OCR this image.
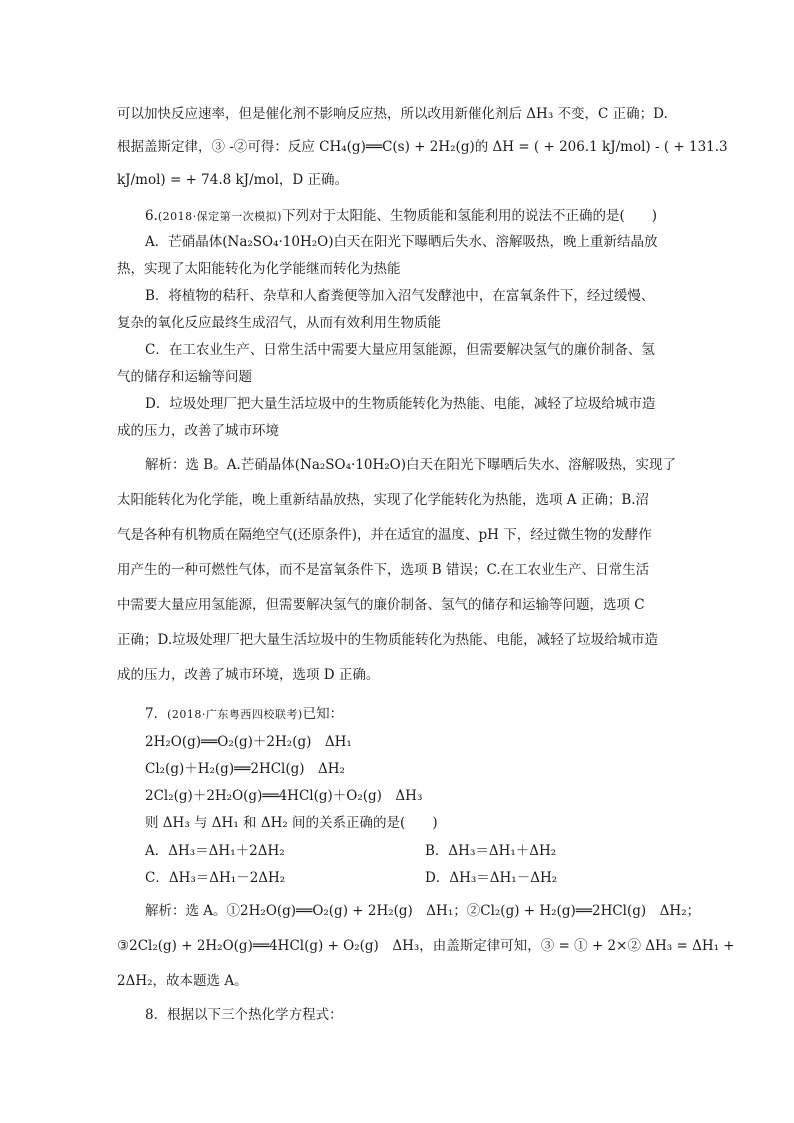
可以加快反应速率，但是催化剂不影响反应热，所以改用新催化剂后 ΔH₃ 不变，C 正确；D.
根据盖斯定律，③ -②可得：反应 CH₄(g)══C(s) + 2H₂(g)的 ΔH = ( + 206.1 kJ/mol) - ( + 131.3
kJ/mol) = + 74.8 kJ/mol，D 正确。
6.(2018·保定第一次模拟)下列对于太阳能、生物质能和氢能利用的说法不正确的是(　　)
A．芒硝晶体(Na₂SO₄·10H₂O)白天在阳光下曝晒后失水、溶解吸热，晚上重新结晶放
热，实现了太阳能转化为化学能继而转化为热能
B．将植物的秸秆、杂草和人畜粪便等加入沼气发酵池中，在富氧条件下，经过缓慢、
复杂的氧化反应最终生成沼气，从而有效利用生物质能
C．在工农业生产、日常生活中需要大量应用氢能源，但需要解决氢气的廉价制备、氢
气的储存和运输等问题
D．垃圾处理厂把大量生活垃圾中的生物质能转化为热能、电能，减轻了垃圾给城市造
成的压力，改善了城市环境
解析：选 B。A.芒硝晶体(Na₂SO₄·10H₂O)白天在阳光下曝晒后失水、溶解吸热，实现了
太阳能转化为化学能，晚上重新结晶放热，实现了化学能转化为热能，选项 A 正确；B.沼
气是各种有机物质在隔绝空气(还原条件)，并在适宜的温度、pH 下，经过微生物的发酵作
用产生的一种可燃性气体，而不是富氧条件下，选项 B 错误；C.在工农业生产、日常生活
中需要大量应用氢能源，但需要解决氢气的廉价制备、氢气的储存和运输等问题，选项 C
正确；D.垃圾处理厂把大量生活垃圾中的生物质能转化为热能、电能，减轻了垃圾给城市造
成的压力，改善了城市环境，选项 D 正确。
7．(2018·广东粤西四校联考)已知：
2H₂O(g)══O₂(g)＋2H₂(g)　ΔH₁
Cl₂(g)＋H₂(g)══2HCl(g)　ΔH₂
2Cl₂(g)＋2H₂O(g)══4HCl(g)＋O₂(g)　ΔH₃
则 ΔH₃ 与 ΔH₁ 和 ΔH₂ 间的关系正确的是(　　)
A．ΔH₃＝ΔH₁＋2ΔH₂	B．ΔH₃＝ΔH₁＋ΔH₂
C．ΔH₃＝ΔH₁－2ΔH₂	D．ΔH₃＝ΔH₁－ΔH₂
解析：选 A。①2H₂O(g)══O₂(g) + 2H₂(g)　ΔH₁；②Cl₂(g) + H₂(g)══2HCl(g)　ΔH₂；
③2Cl₂(g) + 2H₂O(g)══4HCl(g) + O₂(g)　ΔH₃，由盖斯定律可知，③ = ① + 2×② ΔH₃ = ΔH₁ +
2ΔH₂，故本题选 A。
8．根据以下三个热化学方程式：
